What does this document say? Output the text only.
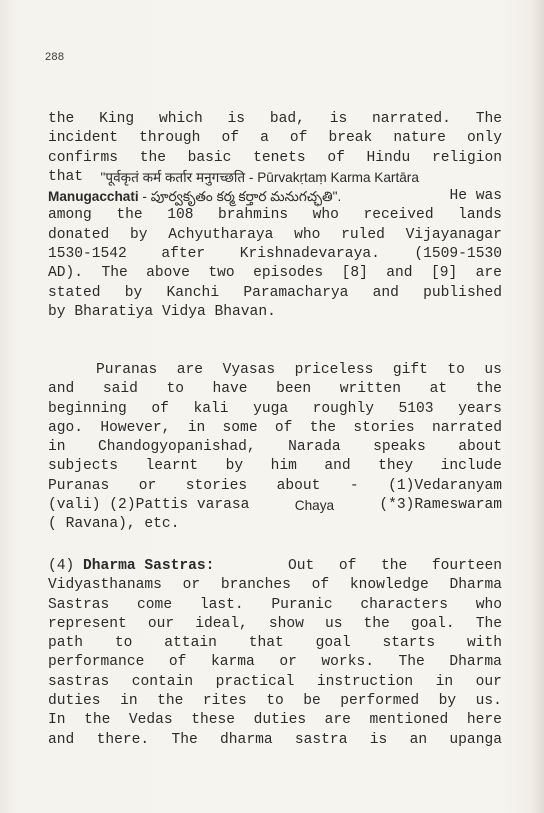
288
the King which is bad, is narrated. The
incident through of a of break nature only
confirms the basic tenets of Hindu religion
that
"पूर्वकृतं कर्म कर्तार मनुगच्छति - Pūrvakṛtaṃ Karma Kartāra
Manugacchati - పూర్వకృతం కర్మ కర్తార మనుగచ్ఛతి".	He was
among the 108 brahmins who received lands
donated by Achyutharaya who ruled Vijayanagar
1530-1542 after Krishnadevaraya. (1509-1530
AD). The above two episodes [8] and [9] are
stated by Kanchi Paramacharya and published
by Bharatiya Vidya Bhavan.
Puranas are Vyasas priceless gift to us
and said to have been written at the
beginning of kali yuga roughly 5103 years
ago. However, in some of the stories narrated
in Chandogyopanishad, Narada speaks about
subjects learnt by him and they include
Puranas or stories about - (1)Vedaranyam
(vali) (2)Pattis varasa	Chaya	(*3)Rameswaram
( Ravana), etc.
(4) Dharma Sastras:	Out of the fourteen
Vidyasthanams or branches of knowledge Dharma
Sastras come last. Puranic characters who
represent our ideal, show us the goal. The
path to attain that goal starts with
performance of karma or works. The Dharma
sastras contain practical instruction in our
duties in the rites to be performed by us.
In the Vedas these duties are mentioned here
and there. The dharma sastra is an upanga
